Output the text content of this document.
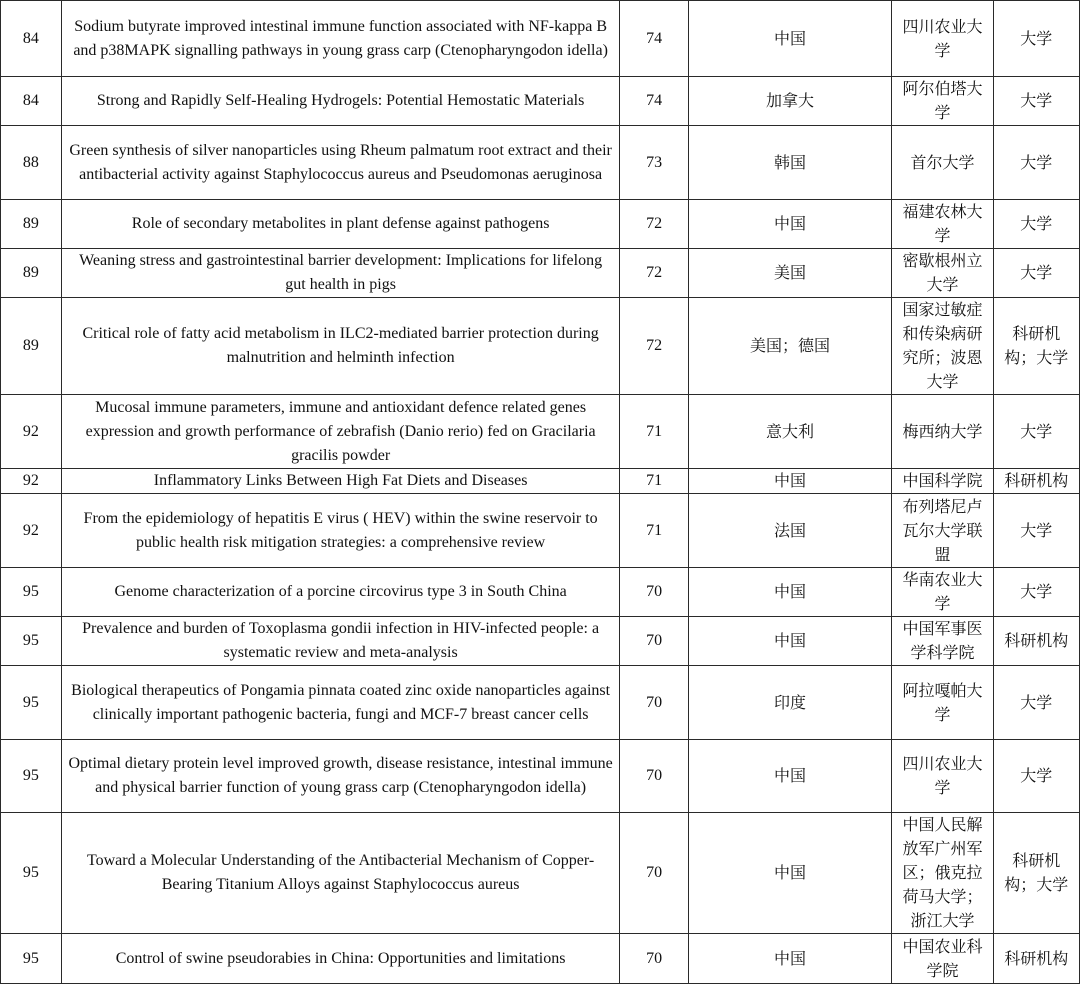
84	Sodium butyrate improved intestinal immune function associated with NF-kappa B and p38MAPK signalling pathways in young grass carp (Ctenopharyngodon idella)	74	中国	四川农业大学	大学
84	Strong and Rapidly Self-Healing Hydrogels: Potential Hemostatic Materials	74	加拿大	阿尔伯塔大学	大学
88	Green synthesis of silver nanoparticles using Rheum palmatum root extract and their antibacterial activity against Staphylococcus aureus and Pseudomonas aeruginosa	73	韩国	首尔大学	大学
89	Role of secondary metabolites in plant defense against pathogens	72	中国	福建农林大学	大学
89	Weaning stress and gastrointestinal barrier development: Implications for lifelong gut health in pigs	72	美国	密歇根州立大学	大学
89	Critical role of fatty acid metabolism in ILC2-mediated barrier protection during malnutrition and helminth infection	72	美国；德国	国家过敏症和传染病研究所；波恩大学	科研机构；大学
92	Mucosal immune parameters, immune and antioxidant defence related genes expression and growth performance of zebrafish (Danio rerio) fed on Gracilaria gracilis powder	71	意大利	梅西纳大学	大学
92	Inflammatory Links Between High Fat Diets and Diseases	71	中国	中国科学院	科研机构
92	From the epidemiology of hepatitis E virus ( HEV) within the swine reservoir to public health risk mitigation strategies: a comprehensive review	71	法国	布列塔尼卢瓦尔大学联盟	大学
95	Genome characterization of a porcine circovirus type 3 in South China	70	中国	华南农业大学	大学
95	Prevalence and burden of Toxoplasma gondii infection in HIV-infected people: a systematic review and meta-analysis	70	中国	中国军事医学科学院	科研机构
95	Biological therapeutics of Pongamia pinnata coated zinc oxide nanoparticles against clinically important pathogenic bacteria, fungi and MCF-7 breast cancer cells	70	印度	阿拉嘎帕大学	大学
95	Optimal dietary protein level improved growth, disease resistance, intestinal immune and physical barrier function of young grass carp (Ctenopharyngodon idella)	70	中国	四川农业大学	大学
95	Toward a Molecular Understanding of the Antibacterial Mechanism of Copper-Bearing Titanium Alloys against Staphylococcus aureus	70	中国	中国人民解放军广州军区；俄克拉荷马大学；浙江大学	科研机构；大学
95	Control of swine pseudorabies in China: Opportunities and limitations	70	中国	中国农业科学院	科研机构
